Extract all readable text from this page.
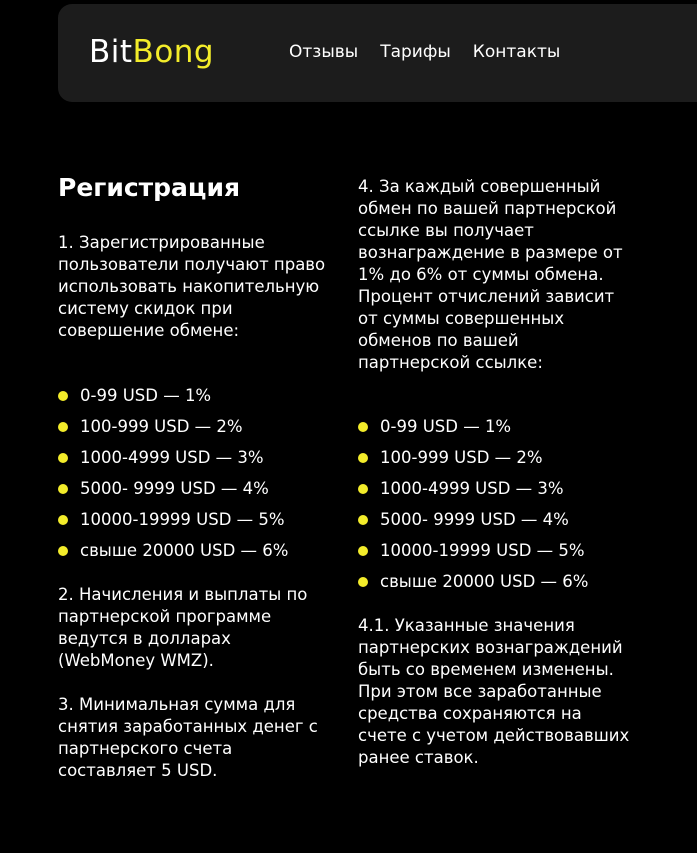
BitBong	Отзывы Тарифы Контакты
Регистрация

1. Зарегистрированные пользователи получают право использовать накопительную систему скидок при совершение обмене:

0-99 USD — 1%
100-999 USD — 2%
1000-4999 USD — 3%
5000- 9999 USD — 4%
10000-19999 USD — 5%
свыше 20000 USD — 6%

2. Начисления и выплаты по партнерской программе ведутся в долларах (WebMoney WMZ).

3. Минимальная сумма для снятия заработанных денег с партнерского счета составляет 5 USD.

4. За каждый совершенный обмен по вашей партнерской ссылке вы получает вознаграждение в размере от 1% до 6% от суммы обмена. Процент отчислений зависит от суммы совершенных обменов по вашей партнерской ссылке:

0-99 USD — 1%
100-999 USD — 2%
1000-4999 USD — 3%
5000- 9999 USD — 4%
10000-19999 USD — 5%
свыше 20000 USD — 6%

4.1. Указанные значения партнерских вознаграждений быть со временем изменены. При этом все заработанные средства сохраняются на счете с учетом действовавших ранее ставок.
